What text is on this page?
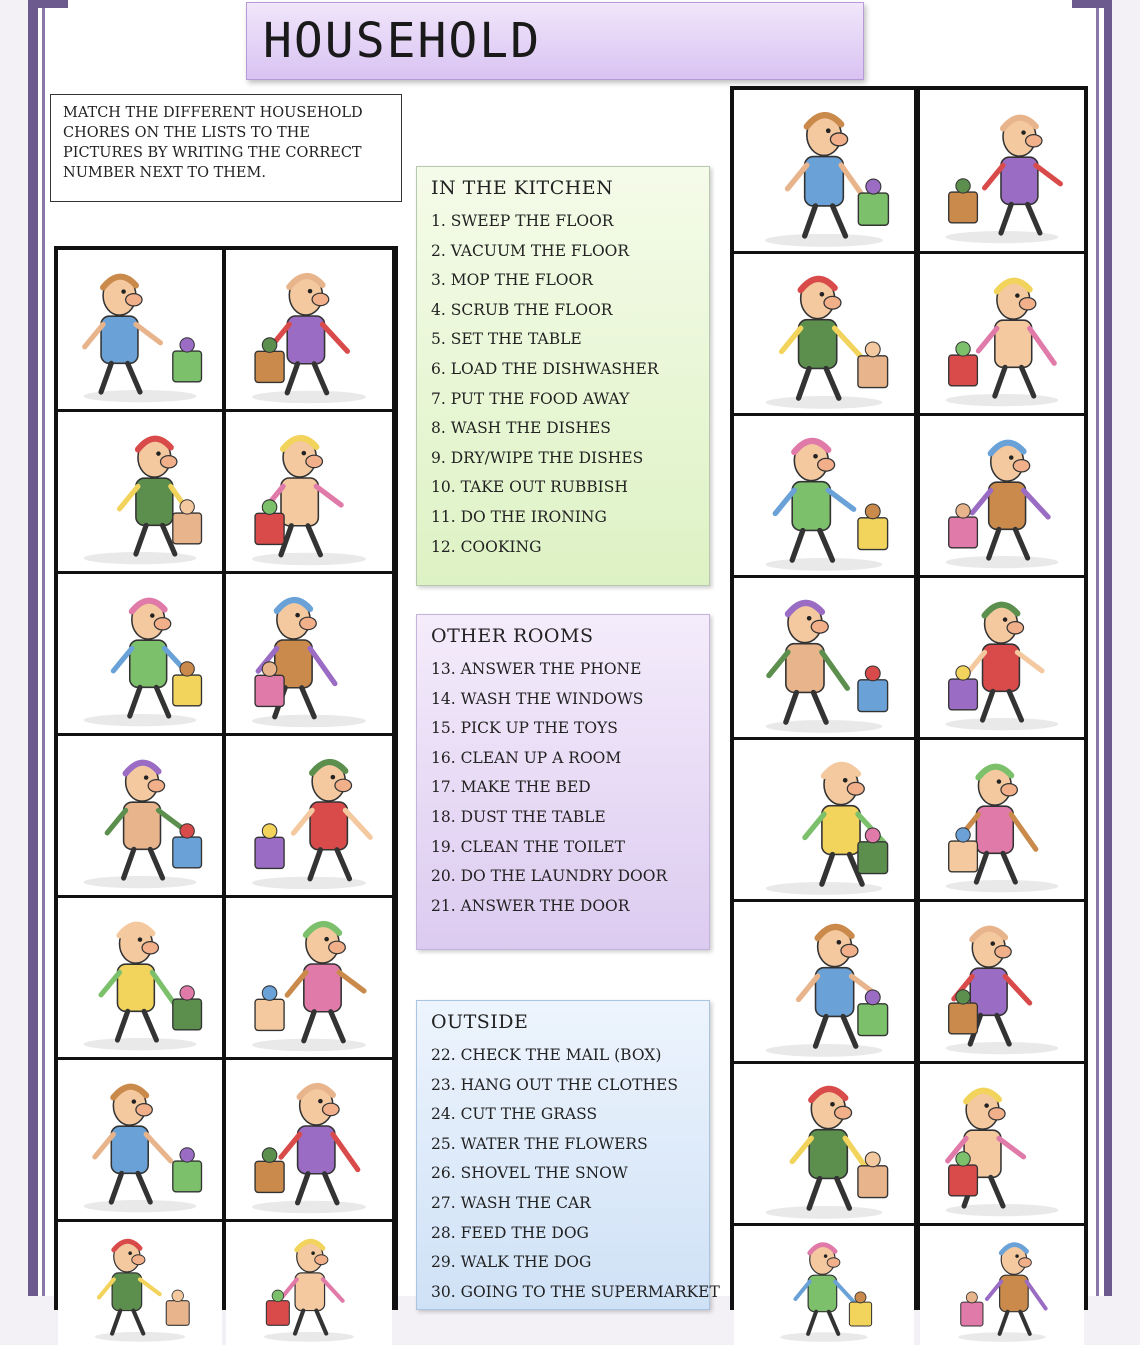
HOUSEHOLD
MATCH THE DIFFERENT HOUSEHOLD CHORES ON THE LISTS TO THE PICTURES BY WRITING THE CORRECT NUMBER NEXT TO THEM.
IN THE KITCHEN
1. SWEEP THE FLOOR
2. VACUUM THE FLOOR
3. MOP THE FLOOR
4. SCRUB THE FLOOR
5. SET THE TABLE
6. LOAD THE DISHWASHER
7. PUT THE FOOD AWAY
8. WASH THE DISHES
9. DRY/WIPE THE DISHES
10. TAKE OUT RUBBISH
11. DO THE IRONING
12. COOKING
OTHER ROOMS
13. ANSWER THE PHONE
14. WASH THE WINDOWS
15. PICK UP THE TOYS
16. CLEAN UP A ROOM
17. MAKE THE BED
18. DUST THE TABLE
19. CLEAN THE TOILET
20. DO THE LAUNDRY DOOR
21. ANSWER THE DOOR
OUTSIDE
22. CHECK THE MAIL (BOX)
23. HANG OUT THE CLOTHES
24. CUT THE GRASS
25. WATER THE FLOWERS
26. SHOVEL THE SNOW
27. WASH THE CAR
28. FEED THE DOG
29. WALK THE DOG
30. GOING TO THE SUPERMARKET
